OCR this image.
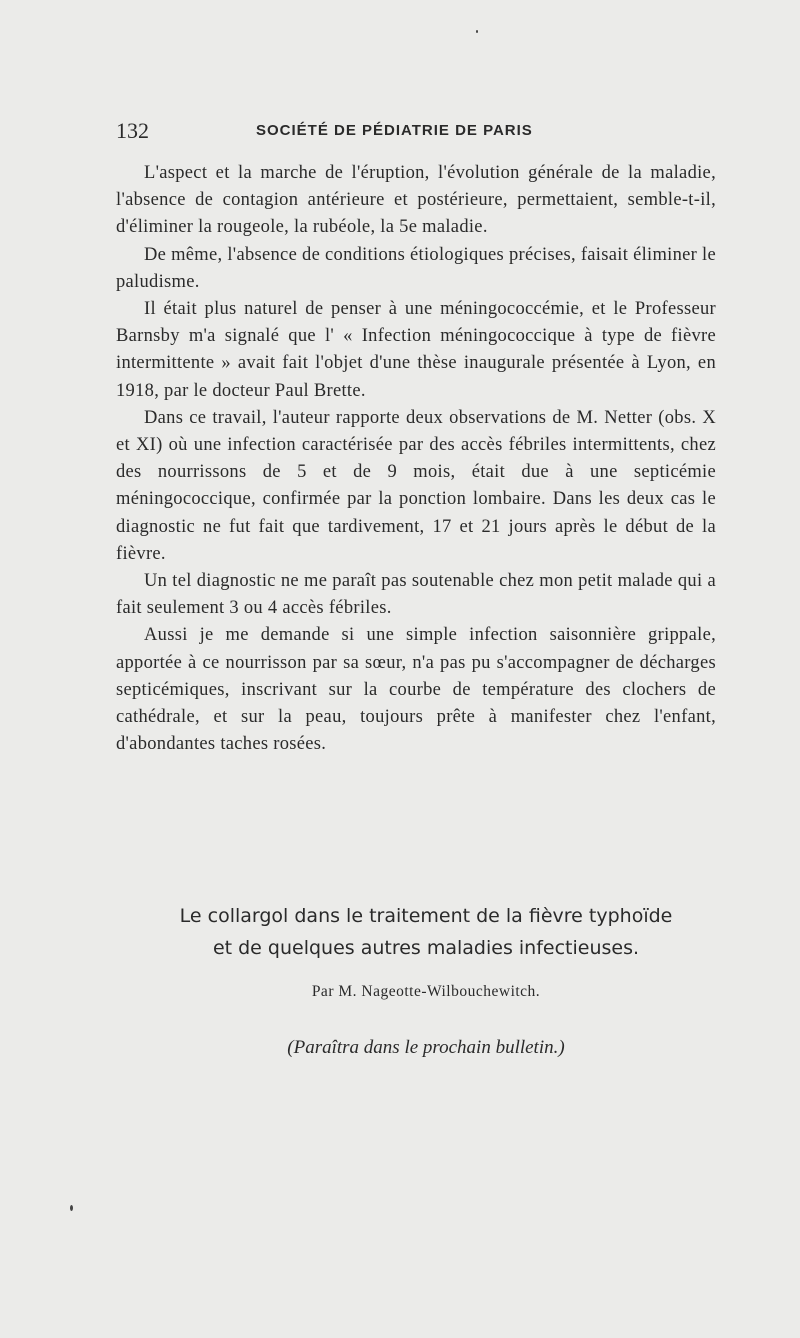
132	SOCIÉTÉ DE PÉDIATRIE DE PARIS

L'aspect et la marche de l'éruption, l'évolution générale de la maladie, l'absence de contagion antérieure et postérieure, permettaient, semble-t-il, d'éliminer la rougeole, la rubéole, la 5e maladie.

De même, l'absence de conditions étiologiques précises, faisait éliminer le paludisme.

Il était plus naturel de penser à une méningococcémie, et le Professeur Barnsby m'a signalé que l' « Infection méningococcique à type de fièvre intermittente » avait fait l'objet d'une thèse inaugurale présentée à Lyon, en 1918, par le docteur Paul Brette.

Dans ce travail, l'auteur rapporte deux observations de M. Netter (obs. X et XI) où une infection caractérisée par des accès fébriles intermittents, chez des nourrissons de 5 et de 9 mois, était due à une septicémie méningococcique, confirmée par la ponction lombaire. Dans les deux cas le diagnostic ne fut fait que tardivement, 17 et 21 jours après le début de la fièvre.

Un tel diagnostic ne me paraît pas soutenable chez mon petit malade qui a fait seulement 3 ou 4 accès fébriles.

Aussi je me demande si une simple infection saisonnière grippale, apportée à ce nourrisson par sa sœur, n'a pas pu s'accompagner de décharges septicémiques, inscrivant sur la courbe de température des clochers de cathédrale, et sur la peau, toujours prête à manifester chez l'enfant, d'abondantes taches rosées.

Le collargol dans le traitement de la fièvre typhoïde
et de quelques autres maladies infectieuses.
Par M. Nageotte-Wilbouchewitch.
(Paraîtra dans le prochain bulletin.)
